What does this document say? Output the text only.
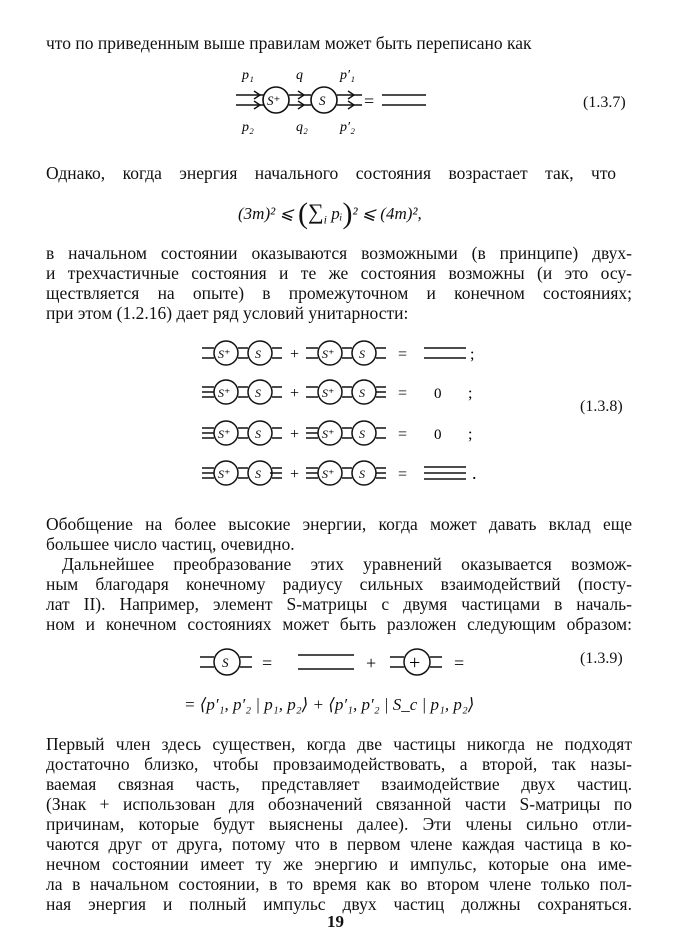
что по приведенным выше правилам может быть переписано как
p₁	q	p′₁
S⁺	S =
p₂	q₂ p′₂
(1.3.7)
Однако, когда энергия начального состояния возрастает так, что
(3m)² ⩽ ($\sum_i$ pᵢ)² ⩽ (4m)²,
в начальном состоянии оказываются возможными (в принципе) двух-
и трехчастичные состояния и те же состояния возможны (и это осу-
ществляется на опыте) в промежуточном и конечном состояниях;
при этом (1.2.16) дает ряд условий унитарности:
S⁺ S + S⁺ S =	;
S⁺ S + S⁺ S = 0 ;
S⁺ S + S⁺ S = 0 ;
S⁺ S + S⁺ S =	.
(1.3.8)
Обобщение на более высокие энергии, когда может давать вклад еще
большее число частиц, очевидно.
Дальнейшее преобразование этих уравнений оказывается возмож-
ным благодаря конечному радиусу сильных взаимодействий (посту-
лат II). Например, элемент S-матрицы с двумя частицами в началь-
ном и конечном состояниях может быть разложен следующим образом:
S =	+ + =	(1.3.9)
= ⟨p′₁, p′₂ | p₁, p₂⟩ + ⟨p′₁, p′₂ | S_c | p₁, p₂⟩
Первый член здесь существен, когда две частицы никогда не подходят
достаточно близко, чтобы провзаимодействовать, а второй, так назы-
ваемая связная часть, представляет взаимодействие двух частиц.
(Знак + использован для обозначений связанной части S-матрицы по
причинам, которые будут выяснены далее). Эти члены сильно отли-
чаются друг от друга, потому что в первом члене каждая частица в ко-
нечном состоянии имеет ту же энергию и импульс, которые она име-
ла в начальном состоянии, в то время как во втором члене только пол-
ная энергия и полный импульс двух частиц должны сохраняться.
19
